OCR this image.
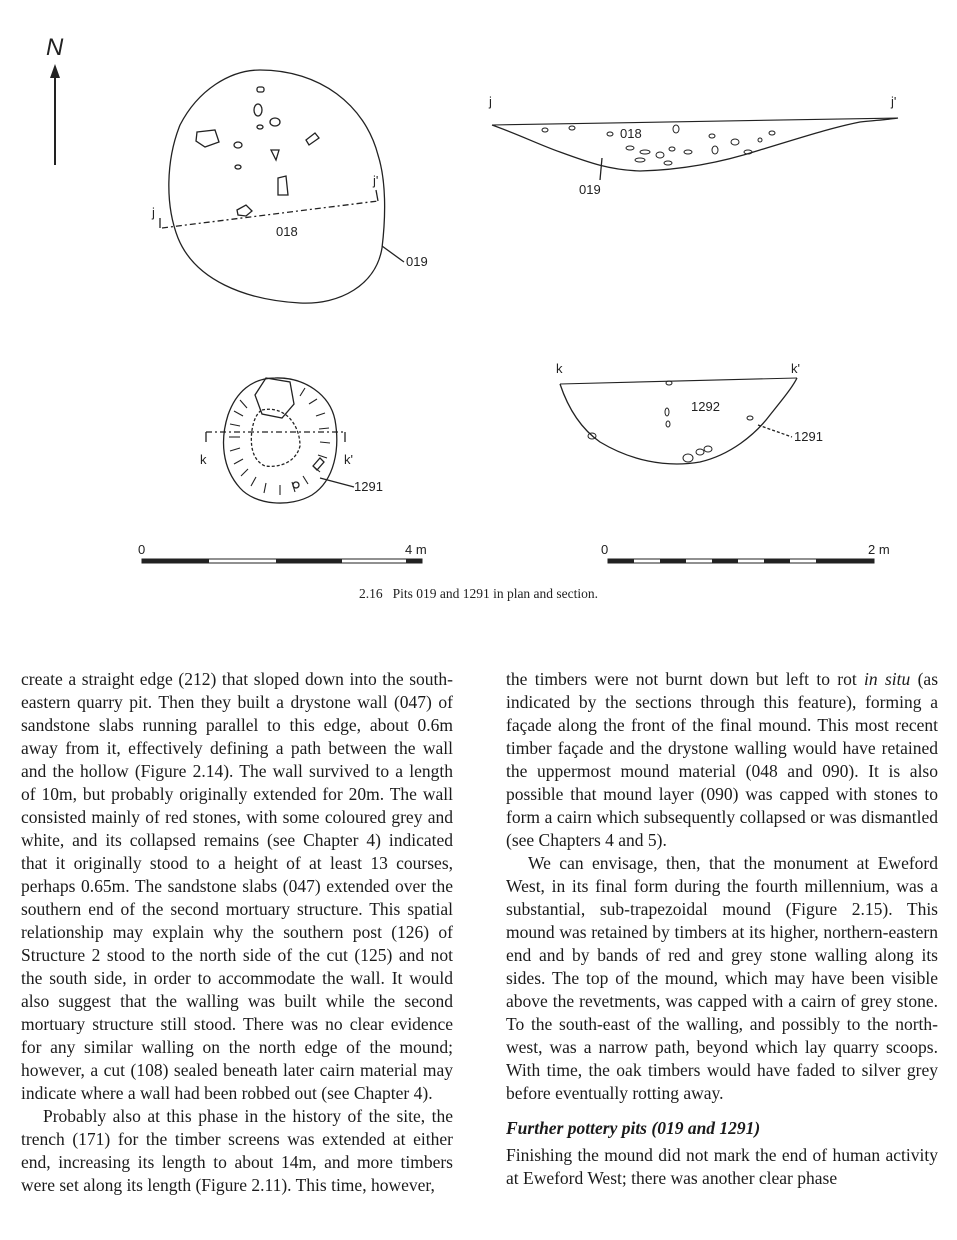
N
018
019
j
j'
j	j'
018
019
k	k'
1291
k	k'
1292
1291
0	4 m	0	2 m
2.16 Pits 019 and 1291 in plan and section.

create a straight edge (212) that sloped down into the south-eastern quarry pit. Then they built a drystone wall (047) of sandstone slabs running parallel to this edge, about 0.6m away from it, effectively defining a path between the wall and the hollow (Figure 2.14). The wall survived to a length of 10m, but probably originally extended for 20m. The wall consisted mainly of red stones, with some coloured grey and white, and its collapsed remains (see Chapter 4) indicated that it originally stood to a height of at least 13 courses, perhaps 0.65m. The sandstone slabs (047) extended over the southern end of the second mortuary structure. This spatial relationship may explain why the southern post (126) of Structure 2 stood to the north side of the cut (125) and not the south side, in order to accommodate the wall. It would also suggest that the walling was built while the second mortuary structure still stood. There was no clear evidence for any similar walling on the north edge of the mound; however, a cut (108) sealed beneath later cairn material may indicate where a wall had been robbed out (see Chapter 4).

Probably also at this phase in the history of the site, the trench (171) for the timber screens was extended at either end, increasing its length to about 14m, and more timbers were set along its length (Figure 2.11). This time, however,

the timbers were not burnt down but left to rot in situ (as indicated by the sections through this feature), forming a façade along the front of the final mound. This most recent timber façade and the drystone walling would have retained the uppermost mound material (048 and 090). It is also possible that mound layer (090) was capped with stones to form a cairn which subsequently collapsed or was dismantled (see Chapters 4 and 5).

We can envisage, then, that the monument at Eweford West, in its final form during the fourth millennium, was a substantial, sub-trapezoidal mound (Figure 2.15). This mound was retained by timbers at its higher, northern-eastern end and by bands of red and grey stone walling along its sides. The top of the mound, which may have been visible above the revetments, was capped with a cairn of grey stone. To the south-east of the walling, and possibly to the north-west, was a narrow path, beyond which lay quarry scoops. With time, the oak timbers would have faded to silver grey before eventually rotting away.

Further pottery pits (019 and 1291)

Finishing the mound did not mark the end of human activity at Eweford West; there was another clear phase
